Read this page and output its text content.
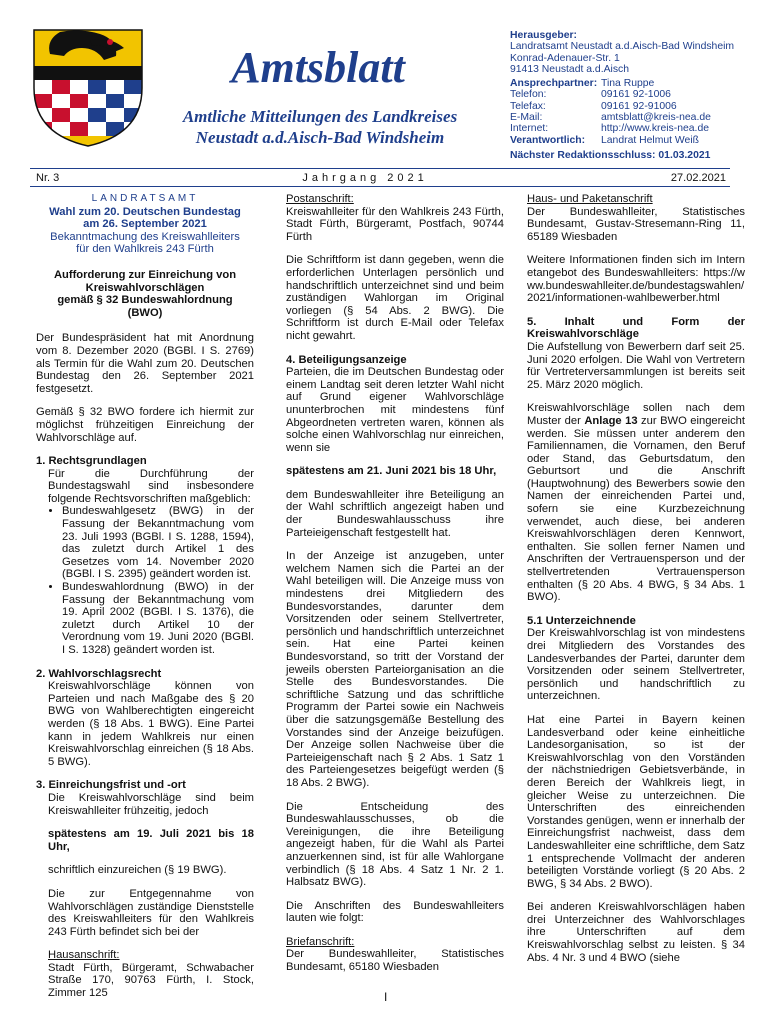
Amtsblatt
Amtliche Mitteilungen des Landkreises
Neustadt a.d.Aisch-Bad Windsheim
Herausgeber:
Landratsamt Neustadt a.d.Aisch-Bad Windsheim
Konrad-Adenauer-Str. 1
91413 Neustadt a.d.Aisch
Ansprechpartner: Tina Ruppe
Telefon:	09161 92-1006
Telefax:	09161 92-91006
E-Mail:	amtsblatt@kreis-nea.de
Internet:	http://www.kreis-nea.de
Verantwortlich:	Landrat Helmut Weiß
Nächster Redaktionsschluss: 01.03.2021
Nr. 3	Jahrgang 2021	27.02.2021
LANDRATSAMT
Wahl zum 20. Deutschen Bundestag
am 26. September 2021
Bekanntmachung des Kreiswahlleiters
für den Wahlkreis 243 Fürth
Aufforderung zur Einreichung von
Kreiswahlvorschlägen
gemäß § 32 Bundeswahlordnung
(BWO)

Der Bundespräsident hat mit Anordnung vom 8. Dezember 2020 (BGBl. I S. 2769) als Termin für die Wahl zum 20. Deutschen Bundestag den 26. September 2021 festgesetzt.

Gemäß § 32 BWO fordere ich hiermit zur möglichst frühzeitigen Einreichung der Wahlvorschläge auf.

1. Rechtsgrundlagen
Für die Durchführung der Bundestagswahl sind insbesondere folgende Rechtsvorschriften maßgeblich:
• Bundeswahlgesetz (BWG) in der Fassung der Bekanntmachung vom 23. Juli 1993 (BGBl. I S. 1288, 1594), das zuletzt durch Artikel 1 des Gesetzes vom 14. November 2020 (BGBl. I S. 2395) geändert worden ist.
• Bundeswahlordnung (BWO) in der Fassung der Bekanntmachung vom 19. April 2002 (BGBl. I S. 1376), die zuletzt durch Artikel 10 der Verordnung vom 19. Juni 2020 (BGBl. I S. 1328) geändert worden ist.
2. Wahlvorschlagsrecht

Kreiswahlvorschläge können von Parteien und nach Maßgabe des § 20 BWG von Wahlberechtigten eingereicht werden (§ 18 Abs. 1 BWG). Eine Partei kann in jedem Wahlkreis nur einen Kreiswahlvorschlag einreichen (§ 18 Abs. 5 BWG).

3. Einreichungsfrist und -ort

Die Kreiswahlvorschläge sind beim Kreiswahlleiter frühzeitig, jedoch

spätestens am 19. Juli 2021 bis 18 Uhr,

schriftlich einzureichen (§ 19 BWG).

Die zur Entgegennahme von Wahlvorschlägen zuständige Dienststelle des Kreiswahlleiters für den Wahlkreis 243 Fürth befindet sich bei der

Hausanschrift:
Stadt Fürth, Bürgeramt, Schwabacher Straße 170, 90763 Fürth, I. Stock, Zimmer 125
Postanschrift:

Kreiswahlleiter für den Wahlkreis 243 Fürth, Stadt Fürth, Bürgeramt, Postfach, 90744 Fürth

Die Schriftform ist dann gegeben, wenn die erforderlichen Unterlagen persönlich und handschriftlich unterzeichnet sind und beim zuständigen Wahlorgan im Original vorliegen (§ 54 Abs. 2 BWG). Die Schriftform ist durch E-Mail oder Telefax nicht gewahrt.

4. Beteiligungsanzeige

Parteien, die im Deutschen Bundestag oder einem Landtag seit deren letzter Wahl nicht auf Grund eigener Wahlvorschläge ununterbrochen mit mindestens fünf Abgeordneten vertreten waren, können als solche einen Wahlvorschlag nur einreichen, wenn sie

spätestens am 21. Juni 2021 bis 18 Uhr,

dem Bundeswahlleiter ihre Beteiligung an der Wahl schriftlich angezeigt haben und der Bundeswahlausschuss ihre Parteieigenschaft festgestellt hat.

In der Anzeige ist anzugeben, unter welchem Namen sich die Partei an der Wahl beteiligen will. Die Anzeige muss von mindestens drei Mitgliedern des Bundesvorstandes, darunter dem Vorsitzenden oder seinem Stellvertreter, persönlich und handschriftlich unterzeichnet sein. Hat eine Partei keinen Bundesvorstand, so tritt der Vorstand der jeweils obersten Parteiorganisation an die Stelle des Bundesvorstandes. Die schriftliche Satzung und das schriftliche Programm der Partei sowie ein Nachweis über die satzungsgemäße Bestellung des Vorstandes sind der Anzeige beizufügen. Der Anzeige sollen Nachweise über die Parteieigenschaft nach § 2 Abs. 1 Satz 1 des Parteiengesetzes beigefügt werden (§ 18 Abs. 2 BWG).

Die Entscheidung des Bundeswahlausschusses, ob die Vereinigungen, die ihre Beteiligung angezeigt haben, für die Wahl als Partei anzuerkennen sind, ist für alle Wahlorgane verbindlich (§ 18 Abs. 4 Satz 1 Nr. 2 1. Halbsatz BWG).

Die Anschriften des Bundeswahlleiters lauten wie folgt:

Briefanschrift:
Der Bundeswahlleiter, Statistisches Bundesamt, 65180 Wiesbaden
Haus- und Paketanschrift

Der Bundeswahlleiter, Statistisches Bundesamt, Gustav-Stresemann-Ring 11, 65189 Wiesbaden

Weitere Informationen finden sich im Internetangebot des Bundeswahlleiters: https://www.bundeswahlleiter.de/bundestagswahlen/2021/informationen-wahlbewerber.html

5. Inhalt und Form der Kreiswahlvorschläge

Die Aufstellung von Bewerbern darf seit 25. Juni 2020 erfolgen. Die Wahl von Vertretern für Vertreterversammlungen ist bereits seit 25. März 2020 möglich.

Kreiswahlvorschläge sollen nach dem Muster der Anlage 13 zur BWO eingereicht werden. Sie müssen unter anderem den Familiennamen, die Vornamen, den Beruf oder Stand, das Geburtsdatum, den Geburtsort und die Anschrift (Hauptwohnung) des Bewerbers sowie den Namen der einreichenden Partei und, sofern sie eine Kurzbezeichnung verwendet, auch diese, bei anderen Kreiswahlvorschlägen deren Kennwort, enthalten. Sie sollen ferner Namen und Anschriften der Vertrauensperson und der stellvertretenden Vertrauensperson enthalten (§ 20 Abs. 4 BWG, § 34 Abs. 1 BWO).

5.1 Unterzeichnende

Der Kreiswahlvorschlag ist von mindestens drei Mitgliedern des Vorstandes des Landesverbandes der Partei, darunter dem Vorsitzenden oder seinem Stellvertreter, persönlich und handschriftlich zu unterzeichnen.

Hat eine Partei in Bayern keinen Landesverband oder keine einheitliche Landesorganisation, so ist der Kreiswahlvorschlag von den Vorständen der nächstniedrigen Gebietsverbände, in deren Bereich der Wahlkreis liegt, in gleicher Weise zu unterzeichnen. Die Unterschriften des einreichenden Vorstandes genügen, wenn er innerhalb der Einreichungsfrist nachweist, dass dem Landeswahlleiter eine schriftliche, dem Satz 1 entsprechende Vollmacht der anderen beteiligten Vorstände vorliegt (§ 20 Abs. 2 BWG, § 34 Abs. 2 BWO).

Bei anderen Kreiswahlvorschlägen haben drei Unterzeichner des Wahlvorschlages ihre Unterschriften auf dem Kreiswahlvorschlag selbst zu leisten. § 34 Abs. 4 Nr. 3 und 4 BWO (siehe

I
